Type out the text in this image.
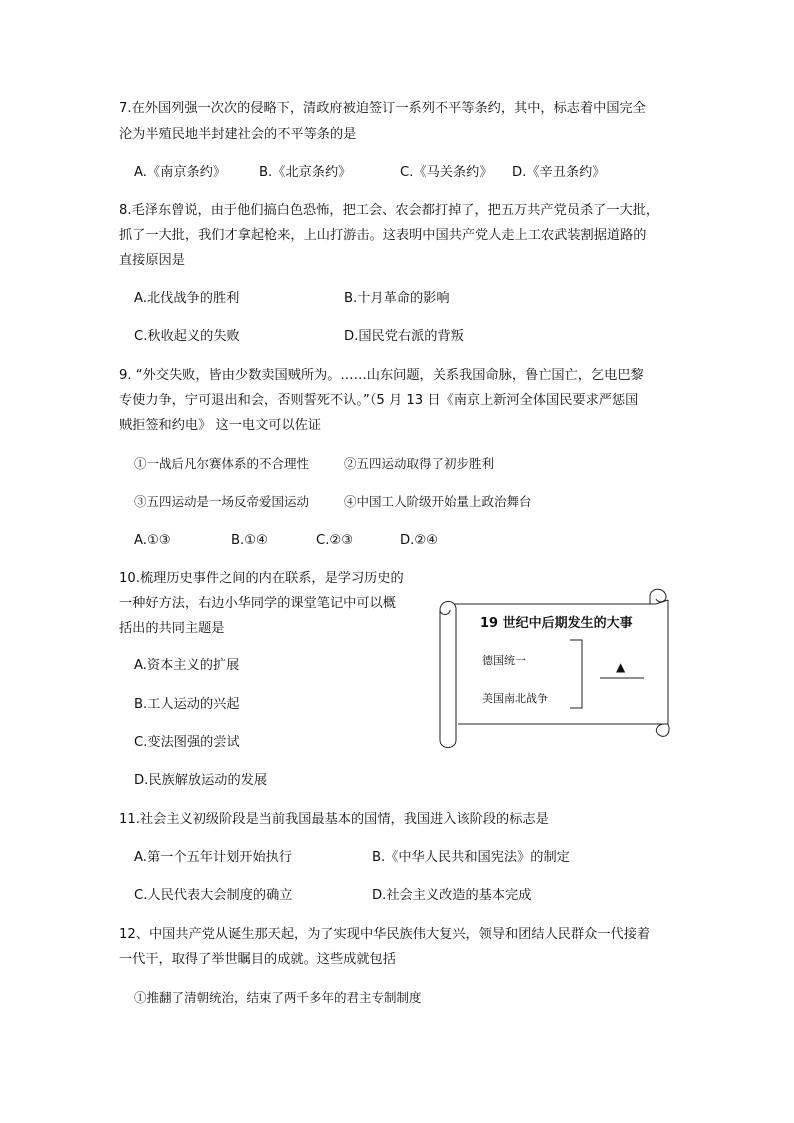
7.在外国列强一次次的侵略下，清政府被迫签订一系列不平等条约，其中，标志着中国完全
沦为半殖民地半封建社会的不平等条的是
A.《南京条约》 B.《北京条约》	C.《马关条约》 D.《辛丑条约》
8.毛泽东曾说，由于他们搞白色恐怖，把工会、农会都打掉了，把五万共产党员杀了一大批，
抓了一大批，我们才拿起枪来，上山打游击。这表明中国共产党人走上工农武装割据道路的
直接原因是
A.北伐战争的胜利	B.十月革命的影响
C.秋收起义的失败	D.国民党右派的背叛
9. “外交失败，皆由少数卖国贼所为。……山东问题，关系我国命脉，鲁亡国亡，乞电巴黎
专使力争，宁可退出和会，否则誓死不认。”（5 月 13 日《南京上新河全体国民要求严惩国
贼拒签和约电》 这一电文可以佐证
①一战后凡尔赛体系的不合理性	②五四运动取得了初步胜利
③五四运动是一场反帝爱国运动	④中国工人阶级开始量上政治舞台
A.①③	B.①④	C.②③	D.②④
10.梳理历史事件之间的内在联系，是学习历史的
一种好方法，右边小华同学的课堂笔记中可以概
括出的共同主题是
A.资本主义的扩展
B.工人运动的兴起
C.变法图强的尝试
D.民族解放运动的发展
19 世纪中后期发生的大事
德国统一
美国南北战争
▲
11.社会主义初级阶段是当前我国最基本的国情，我国进入该阶段的标志是
A.第一个五年计划开始执行	B.《中华人民共和国宪法》的制定
C.人民代表大会制度的确立	D.社会主义改造的基本完成
12、中国共产党从诞生那天起，为了实现中华民族伟大复兴，领导和团结人民群众一代接着
一代干，取得了举世瞩目的成就。这些成就包括
①推翻了清朝统治，结束了两千多年的君主专制制度
